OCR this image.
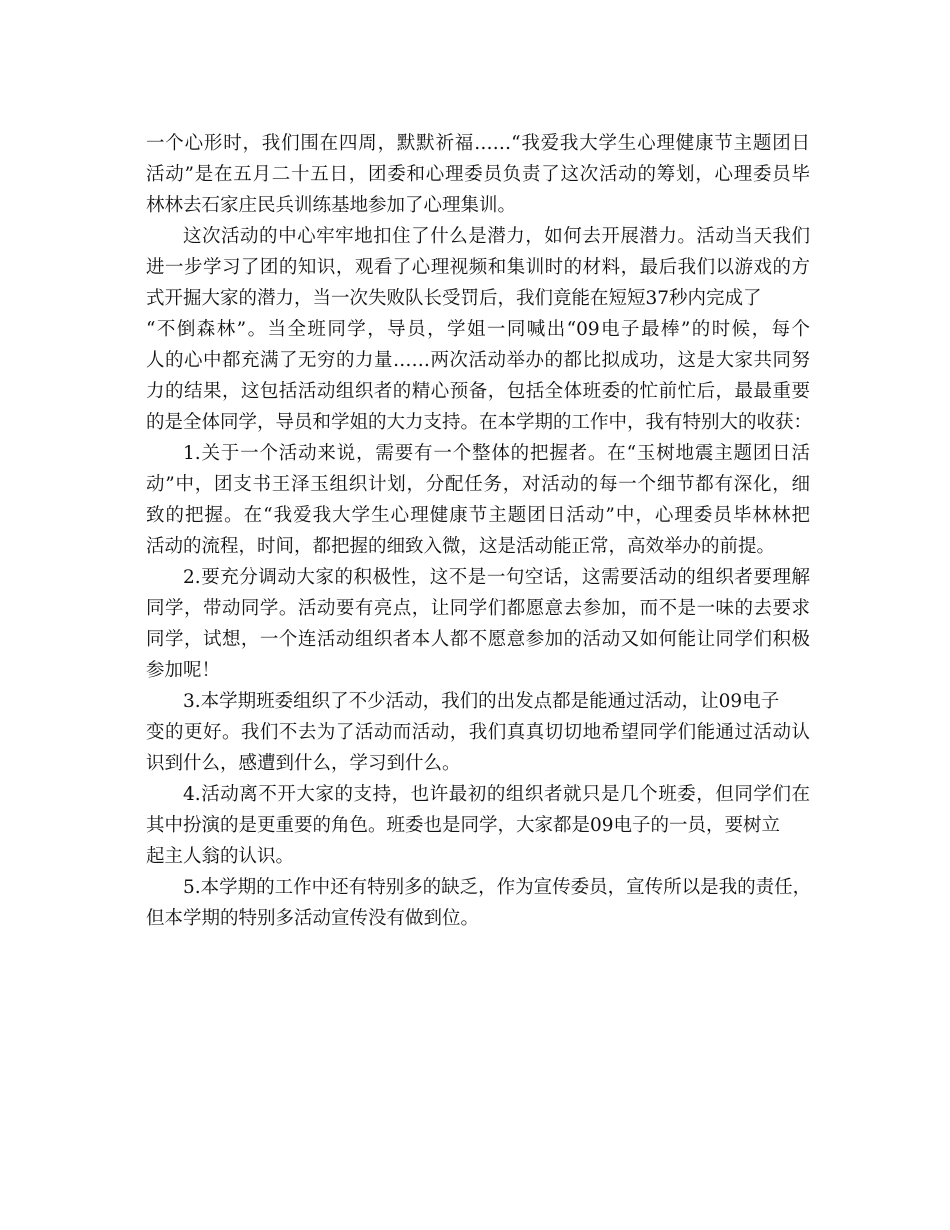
一个心形时，我们围在四周，默默祈福……“我爱我大学生心理健康节主题团日
活动”是在五月二十五日，团委和心理委员负责了这次活动的筹划，心理委员毕
林林去石家庄民兵训练基地参加了心理集训。
这次活动的中心牢牢地扣住了什么是潜力，如何去开展潜力。活动当天我们
进一步学习了团的知识，观看了心理视频和集训时的材料，最后我们以游戏的方
式开掘大家的潜力，当一次失败队长受罚后，我们竟能在短短37秒内完成了
“不倒森林”。当全班同学，导员，学姐一同喊出“09电子最棒”的时候，每个
人的心中都充满了无穷的力量……两次活动举办的都比拟成功，这是大家共同努
力的结果，这包括活动组织者的精心预备，包括全体班委的忙前忙后，最最重要
的是全体同学，导员和学姐的大力支持。在本学期的工作中，我有特别大的收获：
1.关于一个活动来说，需要有一个整体的把握者。在“玉树地震主题团日活
动”中，团支书王泽玉组织计划，分配任务，对活动的每一个细节都有深化，细
致的把握。在“我爱我大学生心理健康节主题团日活动”中，心理委员毕林林把
活动的流程，时间，都把握的细致入微，这是活动能正常，高效举办的前提。
2.要充分调动大家的积极性，这不是一句空话，这需要活动的组织者要理解
同学，带动同学。活动要有亮点，让同学们都愿意去参加，而不是一味的去要求
同学，试想，一个连活动组织者本人都不愿意参加的活动又如何能让同学们积极
参加呢！
3.本学期班委组织了不少活动，我们的出发点都是能通过活动，让09电子
变的更好。我们不去为了活动而活动，我们真真切切地希望同学们能通过活动认
识到什么，感遭到什么，学习到什么。
4.活动离不开大家的支持，也许最初的组织者就只是几个班委，但同学们在
其中扮演的是更重要的角色。班委也是同学，大家都是09电子的一员，要树立
起主人翁的认识。
5.本学期的工作中还有特别多的缺乏，作为宣传委员，宣传所以是我的责任，
但本学期的特别多活动宣传没有做到位。
